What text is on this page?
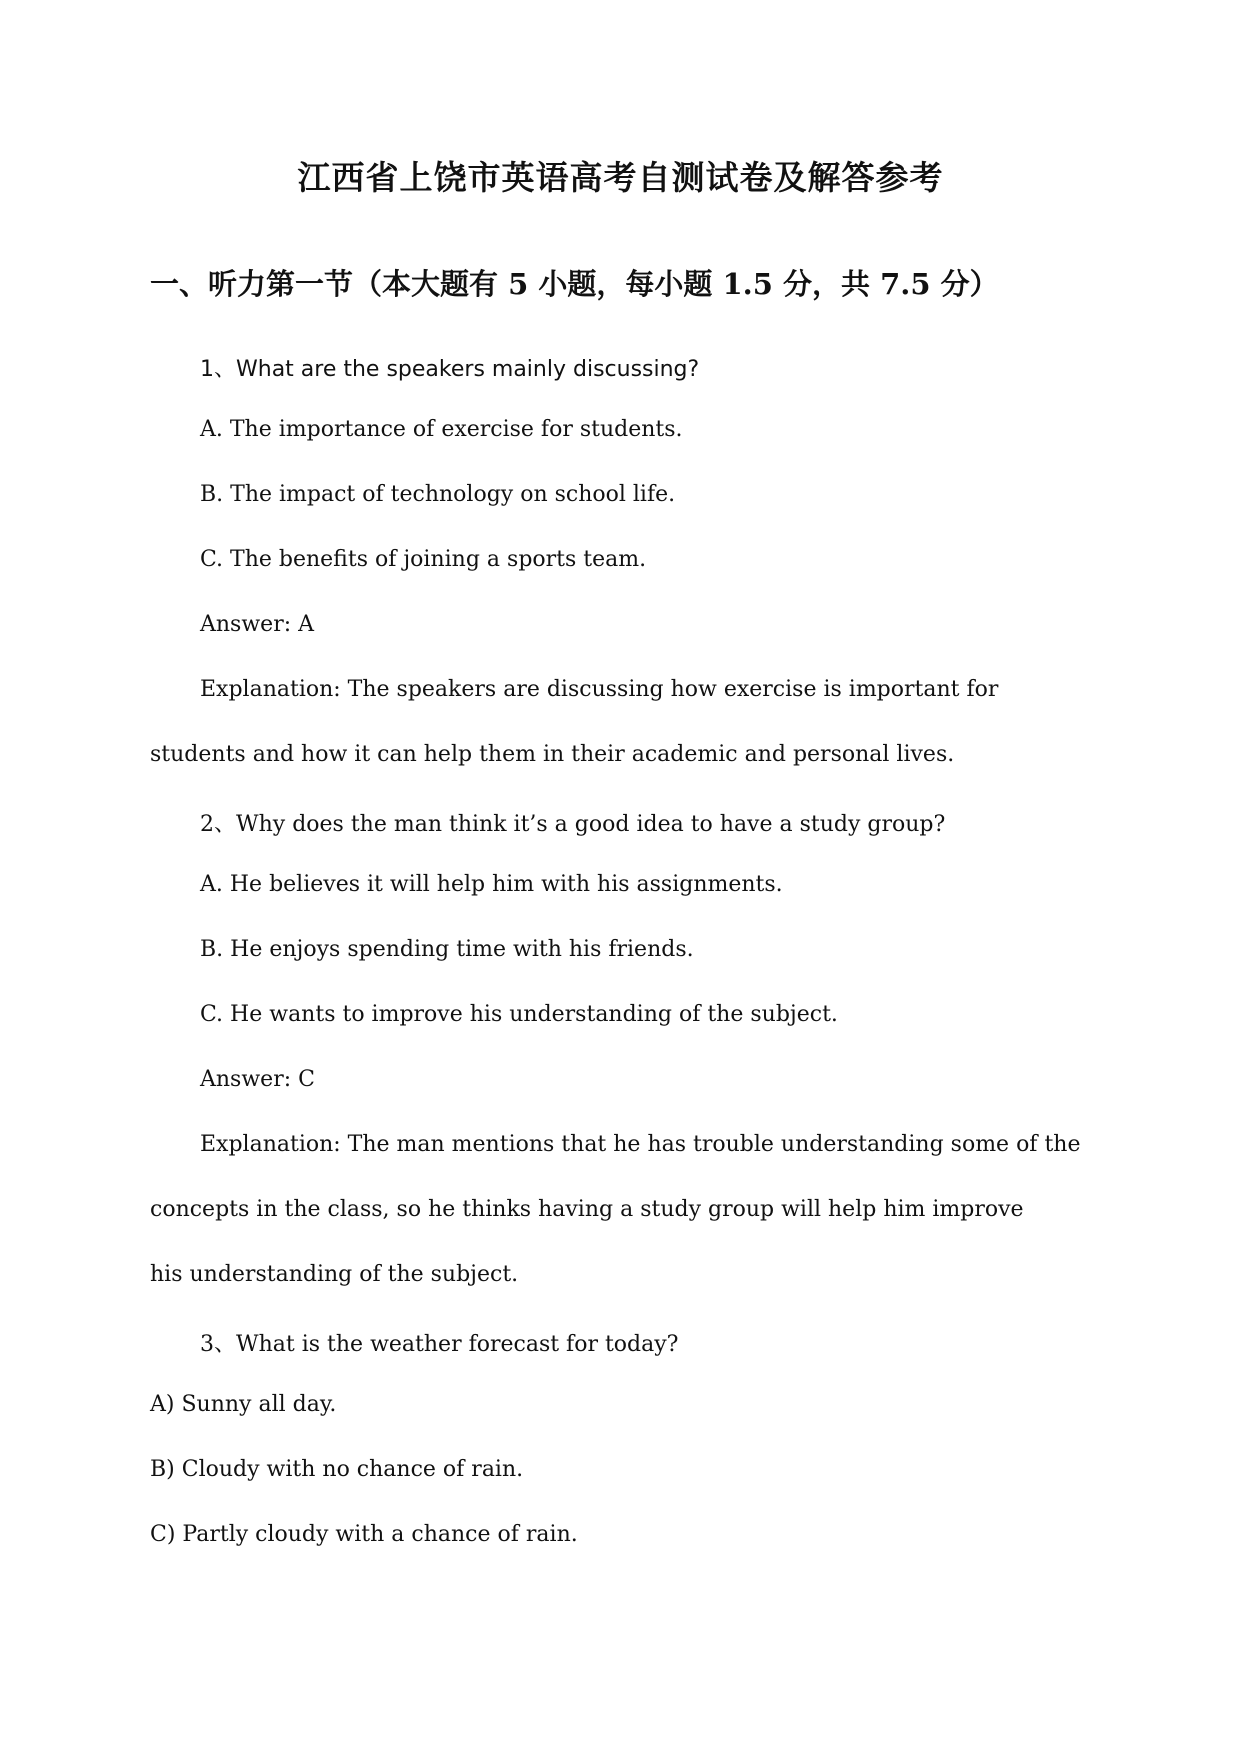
江西省上饶市英语高考自测试卷及解答参考
一、听力第一节（本大题有 5 小题，每小题 1.5 分，共 7.5 分）
1、What are the speakers mainly discussing?
A. The importance of exercise for students.
B. The impact of technology on school life.
C. The benefits of joining a sports team.
Answer: A
Explanation: The speakers are discussing how exercise is important for
students and how it can help them in their academic and personal lives.
2、Why does the man think it’s a good idea to have a study group?
A. He believes it will help him with his assignments.
B. He enjoys spending time with his friends.
C. He wants to improve his understanding of the subject.
Answer: C
Explanation: The man mentions that he has trouble understanding some of the
concepts in the class, so he thinks having a study group will help him improve
his understanding of the subject.
3、What is the weather forecast for today?
A) Sunny all day.
B) Cloudy with no chance of rain.
C) Partly cloudy with a chance of rain.
